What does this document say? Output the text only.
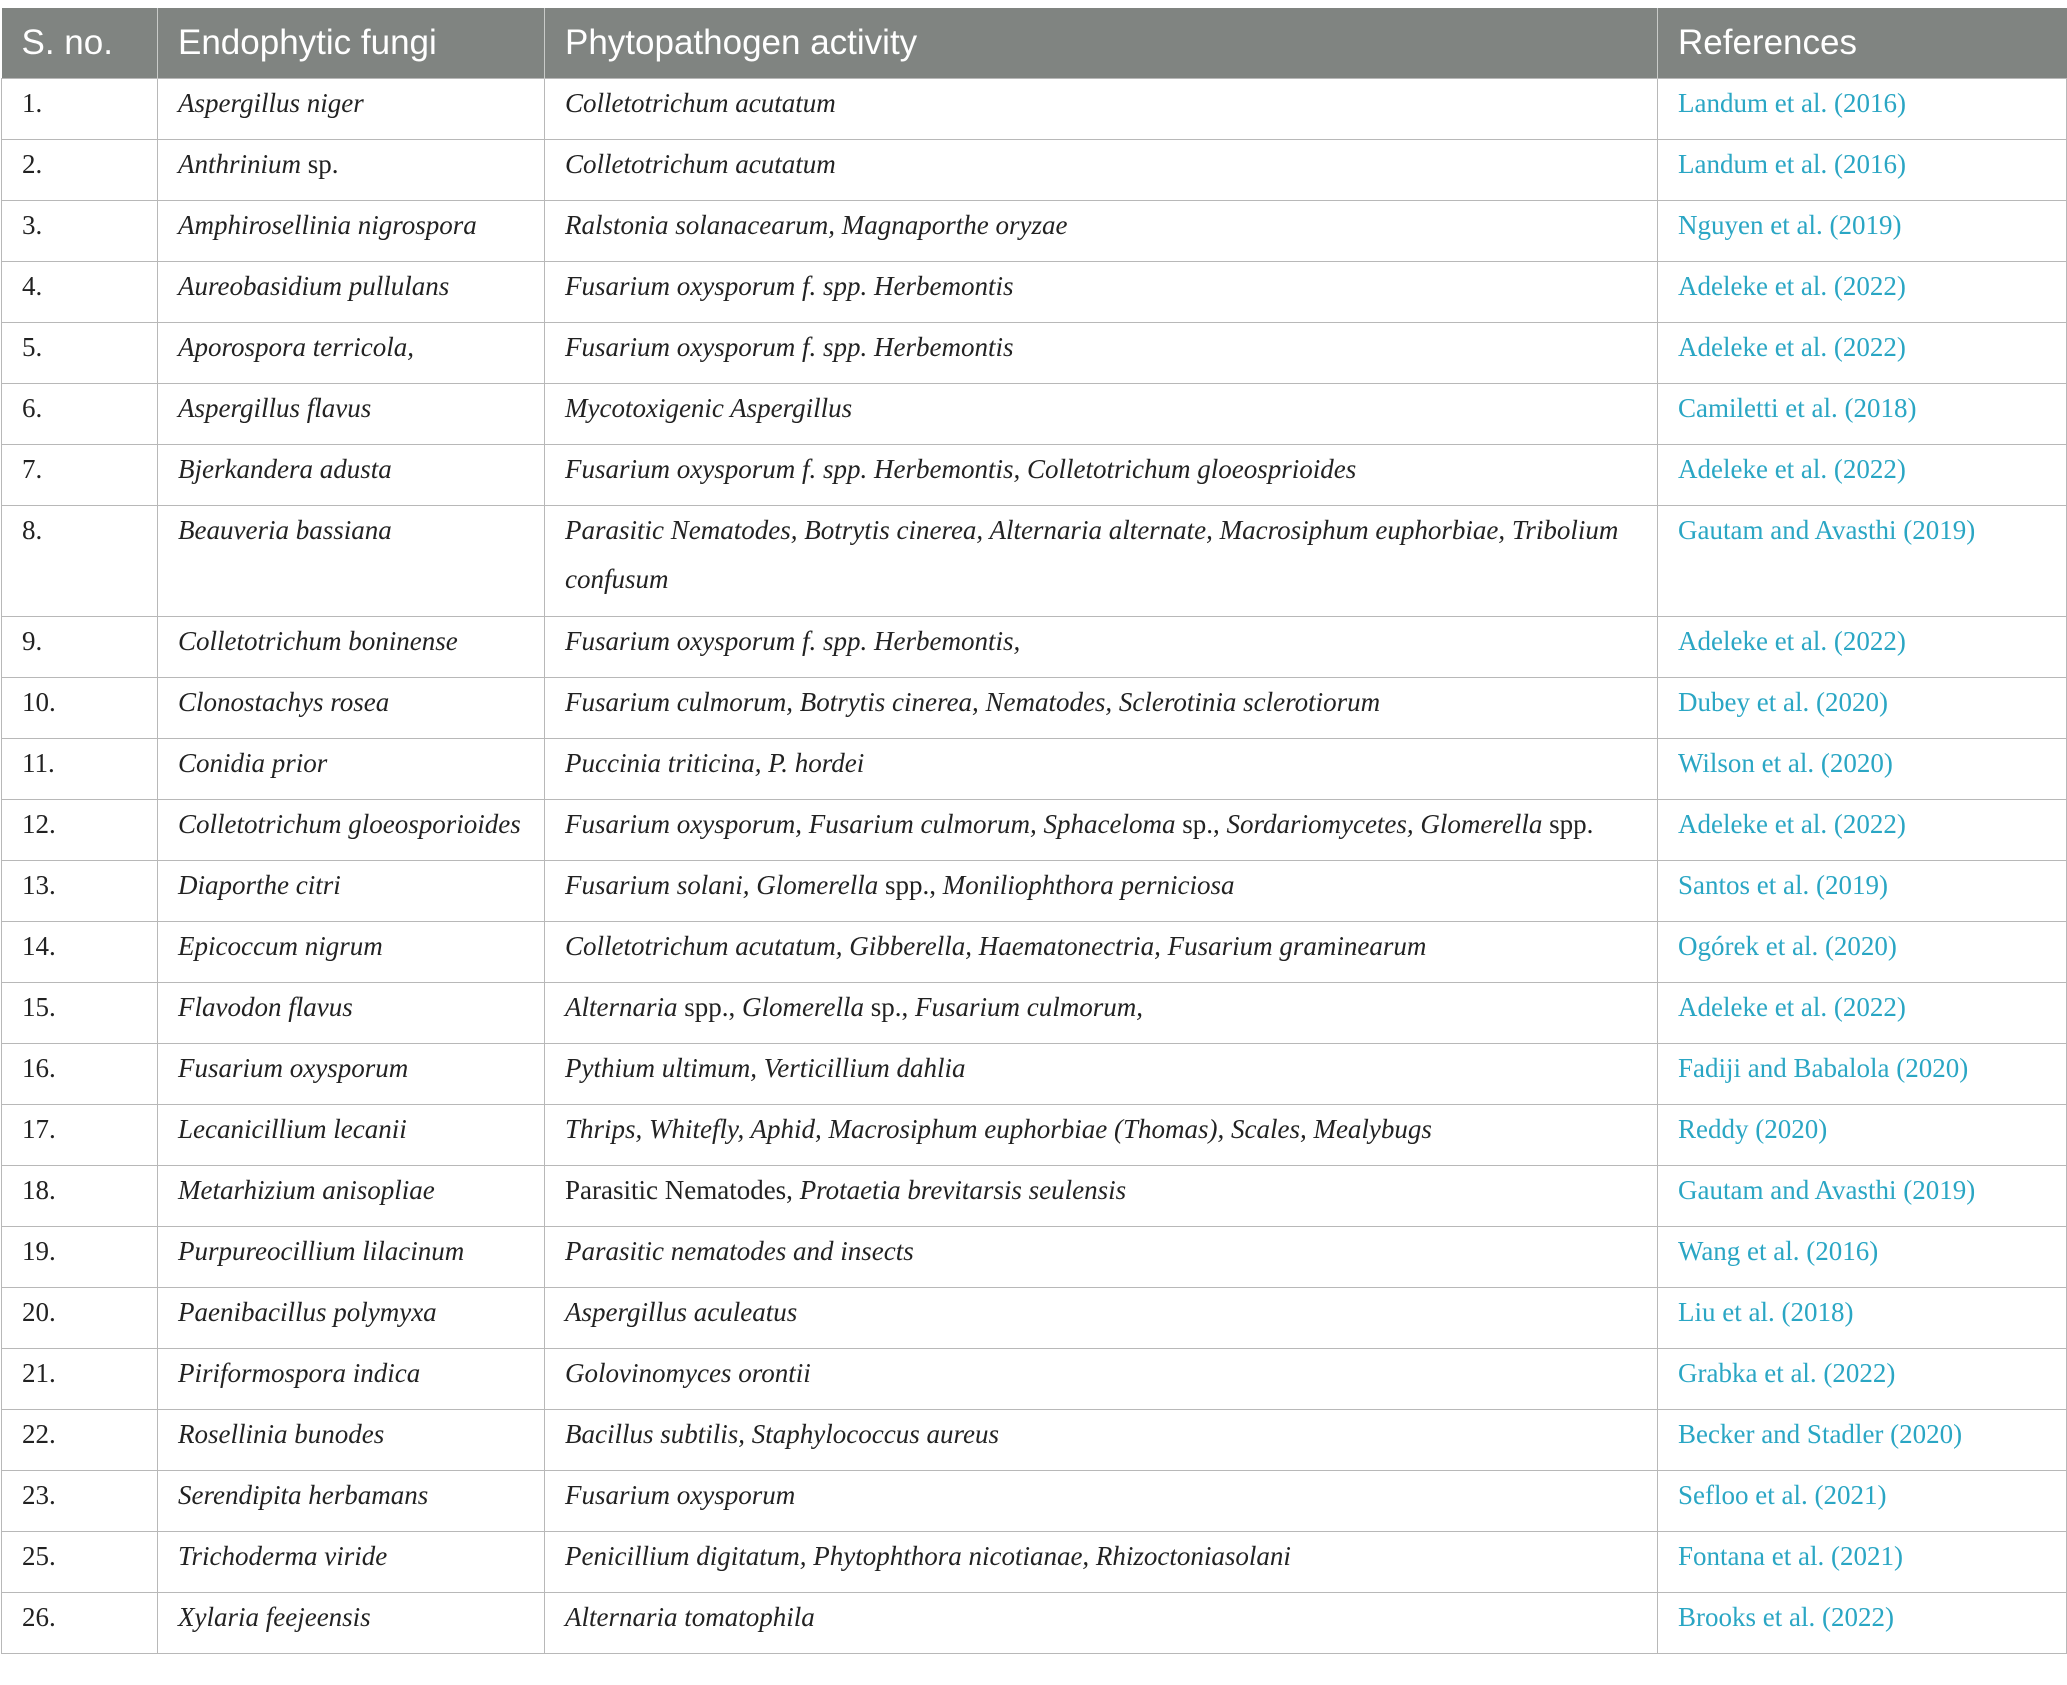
S. no.	Endophytic fungi	Phytopathogen activity	References
1.	Aspergillus niger	Colletotrichum acutatum	Landum et al. (2016)
2.	Anthrinium sp.	Colletotrichum acutatum	Landum et al. (2016)
3.	Amphirosellinia nigrospora	Ralstonia solanacearum, Magnaporthe oryzae	Nguyen et al. (2019)
4.	Aureobasidium pullulans	Fusarium oxysporum f. spp. Herbemontis	Adeleke et al. (2022)
5.	Aporospora terricola,	Fusarium oxysporum f. spp. Herbemontis	Adeleke et al. (2022)
6.	Aspergillus flavus	Mycotoxigenic Aspergillus	Camiletti et al. (2018)
7.	Bjerkandera adusta	Fusarium oxysporum f. spp. Herbemontis, Colletotrichum gloeosprioides	Adeleke et al. (2022)
8.	Beauveria bassiana	Parasitic Nematodes, Botrytis cinerea, Alternaria alternate, Macrosiphum euphorbiae, Tribolium confusum	Gautam and Avasthi (2019)
9.	Colletotrichum boninense	Fusarium oxysporum f. spp. Herbemontis,	Adeleke et al. (2022)
10.	Clonostachys rosea	Fusarium culmorum, Botrytis cinerea, Nematodes, Sclerotinia sclerotiorum	Dubey et al. (2020)
11.	Conidia prior	Puccinia triticina, P. hordei	Wilson et al. (2020)
12.	Colletotrichum gloeosporioides	Fusarium oxysporum, Fusarium culmorum, Sphaceloma sp., Sordariomycetes, Glomerella spp.	Adeleke et al. (2022)
13.	Diaporthe citri	Fusarium solani, Glomerella spp., Moniliophthora perniciosa	Santos et al. (2019)
14.	Epicoccum nigrum	Colletotrichum acutatum, Gibberella, Haematonectria, Fusarium graminearum	Ogórek et al. (2020)
15.	Flavodon flavus	Alternaria spp., Glomerella sp., Fusarium culmorum,	Adeleke et al. (2022)
16.	Fusarium oxysporum	Pythium ultimum, Verticillium dahlia	Fadiji and Babalola (2020)
17.	Lecanicillium lecanii	Thrips, Whitefly, Aphid, Macrosiphum euphorbiae (Thomas), Scales, Mealybugs	Reddy (2020)
18.	Metarhizium anisopliae	Parasitic Nematodes, Protaetia brevitarsis seulensis	Gautam and Avasthi (2019)
19.	Purpureocillium lilacinum	Parasitic nematodes and insects	Wang et al. (2016)
20.	Paenibacillus polymyxa	Aspergillus aculeatus	Liu et al. (2018)
21.	Piriformospora indica	Golovinomyces orontii	Grabka et al. (2022)
22.	Rosellinia bunodes	Bacillus subtilis, Staphylococcus aureus	Becker and Stadler (2020)
23.	Serendipita herbamans	Fusarium oxysporum	Sefloo et al. (2021)
25.	Trichoderma viride	Penicillium digitatum, Phytophthora nicotianae, Rhizoctoniasolani	Fontana et al. (2021)
26.	Xylaria feejeensis	Alternaria tomatophila	Brooks et al. (2022)
